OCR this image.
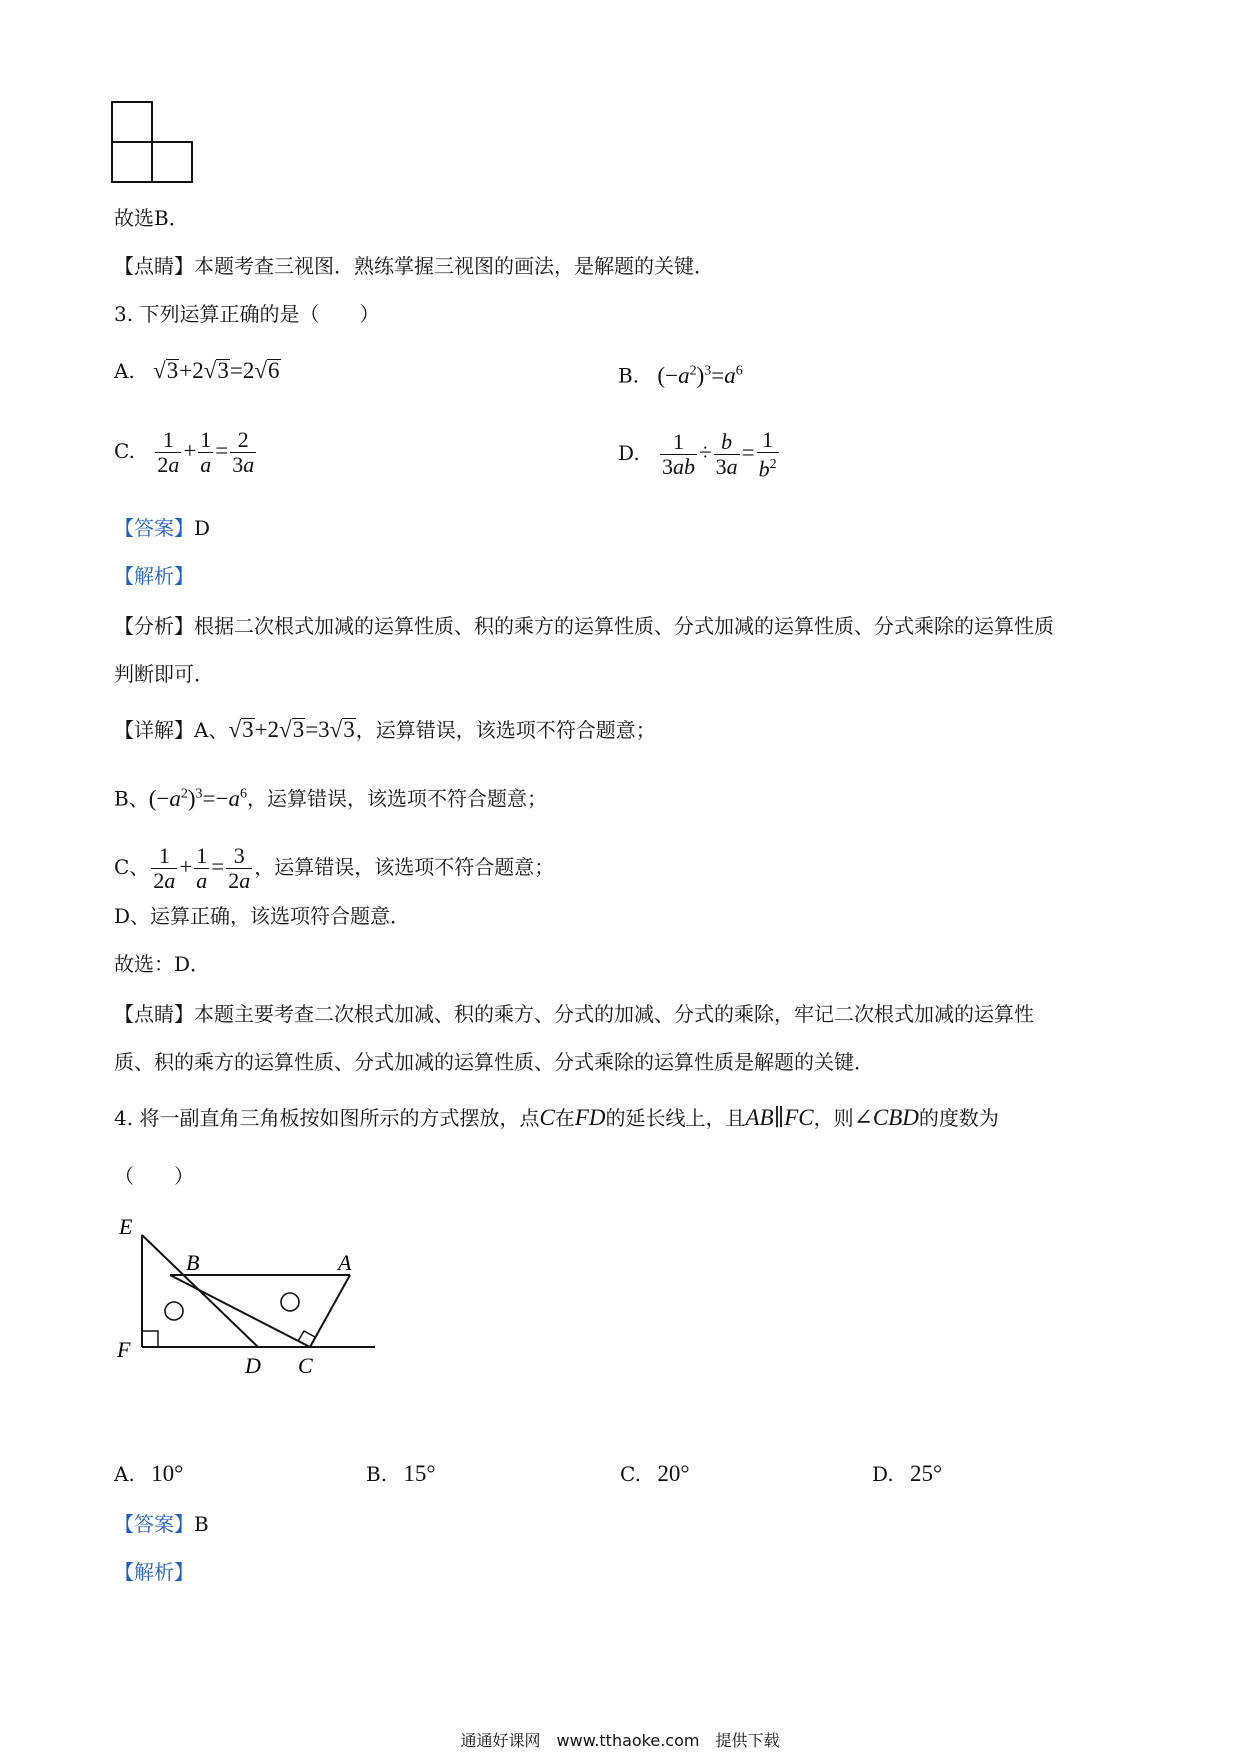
故选B．
【点睛】本题考查三视图．熟练掌握三视图的画法，是解题的关键．
3. 下列运算正确的是（　　）
A. √3+2√3=2√6	B. $(-a^2)^3=a^6$
C. $\frac{1}{2a} + \frac{1}{a} = \frac{2}{3a}$	D. $\frac{1}{3ab} \div \frac{b}{3a} = \frac{1}{b^2}$
【答案】D
【解析】
【分析】根据二次根式加减的运算性质、积的乘方的运算性质、分式加减的运算性质、分式乘除的运算性质
判断即可．
【详解】A、√3+2√3=3√3，运算错误，该选项不符合题意；
B、$(-a^2)^3=-a^6$，运算错误，该选项不符合题意；
C、 $\frac{1}{2a} + \frac{1}{a} = \frac{3}{2a}$ ，运算错误，该选项不符合题意；
D、运算正确，该选项符合题意．
故选：D．
【点睛】本题主要考查二次根式加减、积的乘方、分式的加减、分式的乘除，牢记二次根式加减的运算性
质、积的乘方的运算性质、分式加减的运算性质、分式乘除的运算性质是解题的关键．
4. 将一副直角三角板按如图所示的方式摆放，点C在FD的延长线上，且AB∥FC，则∠CBD的度数为
（　　）
E
B	A
F
D C
A. 10°	B. 15°	C. 20°	D. 25°
【答案】B
【解析】
通通好课网　www.tthaoke.com　提供下载
